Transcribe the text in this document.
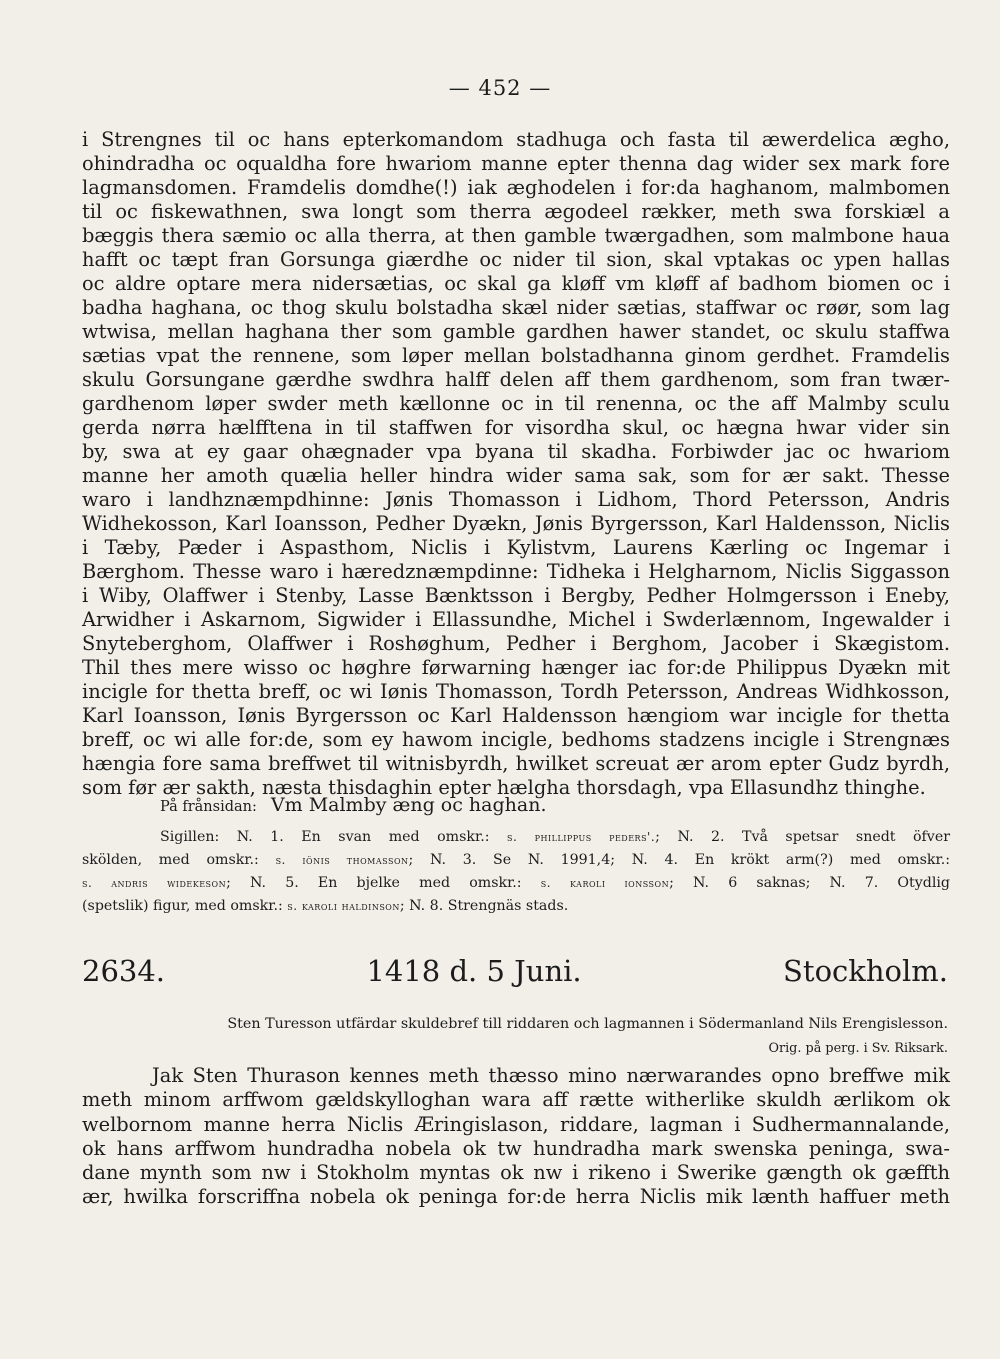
— 452 —
i Strengnes til oc hans epterkomandom stadhuga och fasta til æwerdelica ægho,
ohindradha oc oqualdha fore hwariom manne epter thenna dag wider sex mark fore
lagmansdomen. Framdelis domdhe(!) iak æghodelen i for:da haghanom, malmbomen
til oc fiskewathnen, swa longt som therra ægodeel rækker, meth swa forskiæl a
bæggis thera sæmio oc alla therra, at then gamble twærgadhen, som malmbone haua
hafft oc tæpt fran Gorsunga giærdhe oc nider til sion, skal vptakas oc ypen hallas
oc aldre optare mera nidersætias, oc skal ga kløff vm kløff af badhom biomen oc i
badha haghana, oc thog skulu bolstadha skæl nider sætias, staffwar oc røør, som lag
wtwisa, mellan haghana ther som gamble gardhen hawer standet, oc skulu staffwa
sætias vpat the rennene, som løper mellan bolstadhanna ginom gerdhet. Framdelis
skulu Gorsungane gærdhe swdhra halff delen aff them gardhenom, som fran twær-
gardhenom løper swder meth kællonne oc in til renenna, oc the aff Malmby sculu
gerda nørra hælfftena in til staffwen for visordha skul, oc hægna hwar vider sin
by, swa at ey gaar ohægnader vpa byana til skadha. Forbiwder jac oc hwariom
manne her amoth quælia heller hindra wider sama sak, som for ær sakt. Thesse
waro i landhznæmpdhinne: Jønis Thomasson i Lidhom, Thord Petersson, Andris
Widhekosson, Karl Ioansson, Pedher Dyækn, Jønis Byrgersson, Karl Haldensson, Niclis
i Tæby, Pæder i Aspasthom, Niclis i Kylistvm, Laurens Kærling oc Ingemar i
Bærghom. Thesse waro i hæredznæmpdinne: Tidheka i Helgharnom, Niclis Siggasson
i Wiby, Olaffwer i Stenby, Lasse Bænktsson i Bergby, Pedher Holmgersson i Eneby,
Arwidher i Askarnom, Sigwider i Ellassundhe, Michel i Swderlænnom, Ingewalder i
Snyteberghom, Olaffwer i Roshøghum, Pedher i Berghom, Jacober i Skægistom.
Thil thes mere wisso oc høghre førwarning hænger iac for:de Philippus Dyækn mit
incigle for thetta breff, oc wi Iønis Thomasson, Tordh Petersson, Andreas Widhkosson,
Karl Ioansson, Iønis Byrgersson oc Karl Haldensson hængiom war incigle for thetta
breff, oc wi alle for:de, som ey hawom incigle, bedhoms stadzens incigle i Strengnæs
hængia fore sama breffwet til witnisbyrdh, hwilket screuat ær arom epter Gudz byrdh,
som før ær sakth, næsta thisdaghin epter hælgha thorsdagh, vpa Ellasundhz thinghe.
På frånsidan: Vm Malmby æng oc haghan.
Sigillen: N. 1. En svan med omskr.: s. phillippus peders'.; N. 2. Två spetsar snedt öfver
skölden, med omskr.: s. iönis thomasson; N. 3. Se N. 1991,4; N. 4. En krökt arm(?) med omskr.:
s. andris widekeson; N. 5. En bjelke med omskr.: s. karoli ionsson; N. 6 saknas; N. 7. Otydlig
(spetslik) figur, med omskr.: s. karoli haldinson; N. 8. Strengnäs stads.
2634.	1418 d. 5 Juni.	Stockholm.
Sten Turesson utfärdar skuldebref till riddaren och lagmannen i Södermanland Nils Erengislesson.
Orig. på perg. i Sv. Riksark.
Jak Sten Thurason kennes meth thæsso mino nærwarandes opno breffwe mik
meth minom arffwom gældskylloghan wara aff rætte witherlike skuldh ærlikom ok
welbornom manne herra Niclis Æringislason, riddare, lagman i Sudhermannalande,
ok hans arffwom hundradha nobela ok tw hundradha mark swenska peninga, swa-
dane mynth som nw i Stokholm myntas ok nw i rikeno i Swerike gængth ok gæffth
ær, hwilka forscriffna nobela ok peninga for:de herra Niclis mik lænth haffuer meth
